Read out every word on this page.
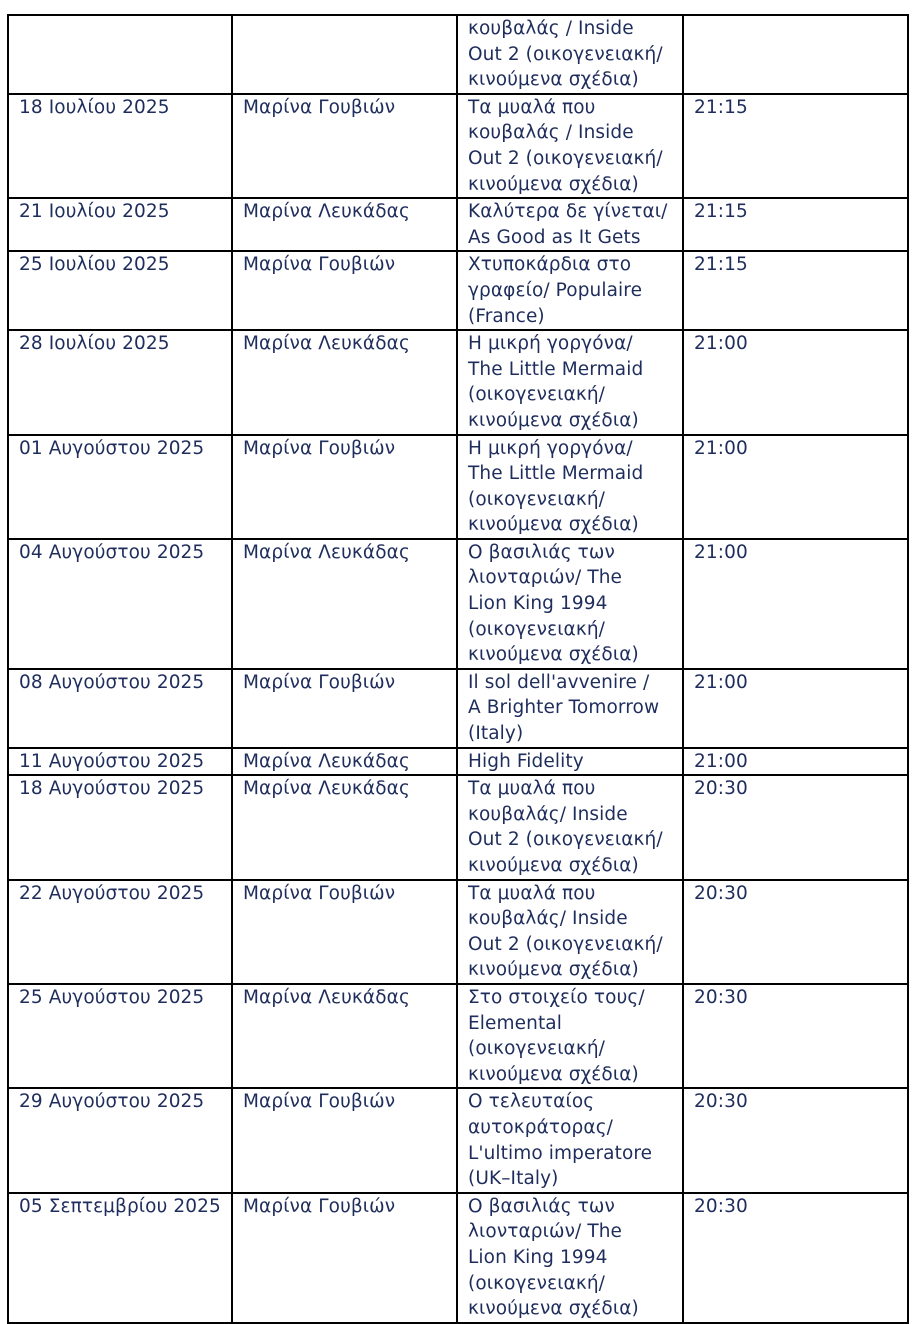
		κουβαλάς / Inside
Out 2 (οικογενειακή/
κινούμενα σχέδια)	

18 Ιουλίου 2025	Μαρίνα Γουβιών	Τα μυαλά που
κουβαλάς / Inside
Out 2 (οικογενειακή/
κινούμενα σχέδια)	21:15
21 Ιουλίου 2025	Μαρίνα Λευκάδας	Καλύτερα δε γίνεται/
As Good as It Gets	21:15
25 Ιουλίου 2025	Μαρίνα Γουβιών	Χτυποκάρδια στο
γραφείο/ Populaire
(France)	21:15
28 Ιουλίου 2025	Μαρίνα Λευκάδας	Η μικρή γοργόνα/
The Little Mermaid
(οικογενειακή/
κινούμενα σχέδια)	21:00
01 Αυγούστου 2025	Μαρίνα Γουβιών	Η μικρή γοργόνα/
The Little Mermaid
(οικογενειακή/
κινούμενα σχέδια)	21:00
04 Αυγούστου 2025	Μαρίνα Λευκάδας	Ο βασιλιάς των
λιονταριών/ The
Lion King 1994
(οικογενειακή/
κινούμενα σχέδια)	21:00
08 Αυγούστου 2025	Μαρίνα Γουβιών	Il sol dell'avvenire /
A Brighter Tomorrow
(Italy)	21:00
11 Αυγούστου 2025	Μαρίνα Λευκάδας	High Fidelity	21:00
18 Αυγούστου 2025	Μαρίνα Λευκάδας	Τα μυαλά που
κουβαλάς/ Inside
Out 2 (οικογενειακή/
κινούμενα σχέδια)	20:30
22 Αυγούστου 2025	Μαρίνα Γουβιών	Τα μυαλά που
κουβαλάς/ Inside
Out 2 (οικογενειακή/
κινούμενα σχέδια)	20:30
25 Αυγούστου 2025	Μαρίνα Λευκάδας	Στο στοιχείο τους/
Elemental
(οικογενειακή/
κινούμενα σχέδια)	20:30
29 Αυγούστου 2025	Μαρίνα Γουβιών	Ο τελευταίος
αυτοκράτορας/
L'ultimo imperatore
(UK–Italy)	20:30
05 Σεπτεμβρίου 2025	Μαρίνα Γουβιών	Ο βασιλιάς των
λιονταριών/ The
Lion King 1994
(οικογενειακή/
κινούμενα σχέδια)	20:30
